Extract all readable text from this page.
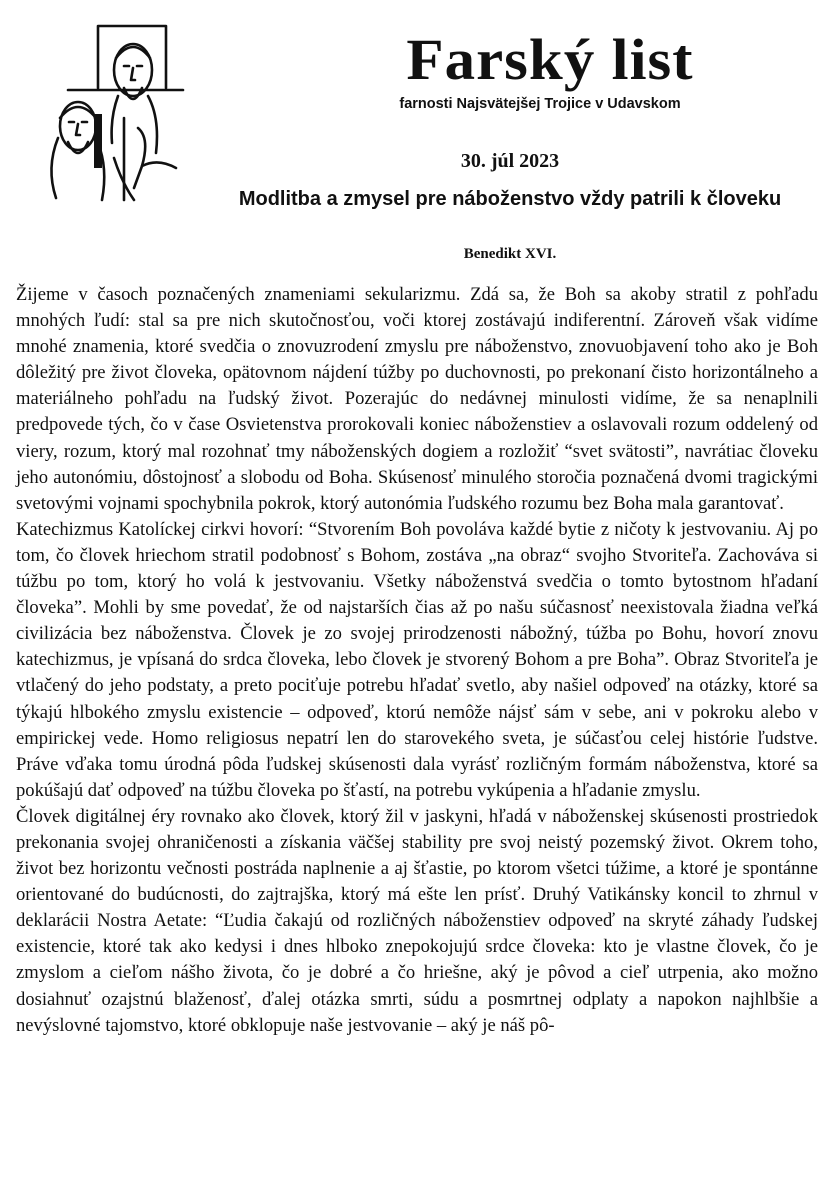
Farský list
farnosti Najsvätejšej Trojice v Udavskom
30. júl 2023
Modlitba a zmysel pre náboženstvo vždy patrili k človeku
Benedikt XVI.

Žijeme v časoch poznačených znameniami sekularizmu. Zdá sa, že Boh sa akoby stratil z pohľadu mnohých ľudí: stal sa pre nich skutočnosťou, voči ktorej zostávajú indiferentní. Zároveň však vidíme mnohé znamenia, ktoré svedčia o znovuzrodení zmyslu pre náboženstvo, znovuobjavení toho ako je Boh dôležitý pre život človeka, opätovnom nájdení túžby po duchovnosti, po prekonaní čisto horizontálneho a materiálneho pohľadu na ľudský život. Pozerajúc do nedávnej minulosti vidíme, že sa nenaplnili predpovede tých, čo v čase Osvietenstva prorokovali koniec náboženstiev a oslavovali rozum oddelený od viery, rozum, ktorý mal rozohnať tmy náboženských dogiem a rozložiť “svet svätosti”, navrátiac človeku jeho autonómiu, dôstojnosť a slobodu od Boha. Skúsenosť minulého storočia poznačená dvomi tragickými svetovými vojnami spochybnila pokrok, ktorý autonómia ľudského rozumu bez Boha mala garantovať.

Katechizmus Katolíckej cirkvi hovorí: “Stvorením Boh povoláva každé bytie z ničoty k jestvovaniu. Aj po tom, čo človek hriechom stratil podobnosť s Bohom, zostáva „na obraz“ svojho Stvoriteľa. Zachováva si túžbu po tom, ktorý ho volá k jestvovaniu. Všetky náboženstvá svedčia o tomto bytostnom hľadaní človeka”. Mohli by sme povedať, že od najstarších čias až po našu súčasnosť neexistovala žiadna veľká civilizácia bez náboženstva. Človek je zo svojej prirodzenosti nábožný, túžba po Bohu, hovorí znovu katechizmus, je vpísaná do srdca človeka, lebo človek je stvorený Bohom a pre Boha”. Obraz Stvoriteľa je vtlačený do jeho podstaty, a preto pociťuje potrebu hľadať svetlo, aby našiel odpoveď na otázky, ktoré sa týkajú hlbokého zmyslu existencie – odpoveď, ktorú nemôže nájsť sám v sebe, ani v pokroku alebo v empirickej vede. Homo religiosus nepatrí len do starovekého sveta, je súčasťou celej histórie ľudstve. Práve vďaka tomu úrodná pôda ľudskej skúsenosti dala vyrásť rozličným formám náboženstva, ktoré sa pokúšajú dať odpoveď na túžbu človeka po šťastí, na potrebu vykúpenia a hľadanie zmyslu.

Človek digitálnej éry rovnako ako človek, ktorý žil v jaskyni, hľadá v náboženskej skúsenosti prostriedok prekonania svojej ohraničenosti a získania väčšej stability pre svoj neistý pozemský život. Okrem toho, život bez horizontu večnosti postráda naplnenie a aj šťastie, po ktorom všetci túžime, a ktoré je spontánne orientované do budúcnosti, do zajtrajška, ktorý má ešte len prísť. Druhý Vatikánsky koncil to zhrnul v deklarácii Nostra Aetate: “Ľudia čakajú od rozličných náboženstiev odpoveď na skryté záhady ľudskej existencie, ktoré tak ako kedysi i dnes hlboko znepokojujú srdce človeka: kto je vlastne človek, čo je zmyslom a cieľom nášho života, čo je dobré a čo hriešne, aký je pôvod a cieľ utrpenia, ako možno dosiahnuť ozajstnú blaženosť, ďalej otázka smrti, súdu a posmrtnej odplaty a napokon najhlbšie a nevýslovné tajomstvo, ktoré obklopuje naše jestvovanie – aký je náš pô-
